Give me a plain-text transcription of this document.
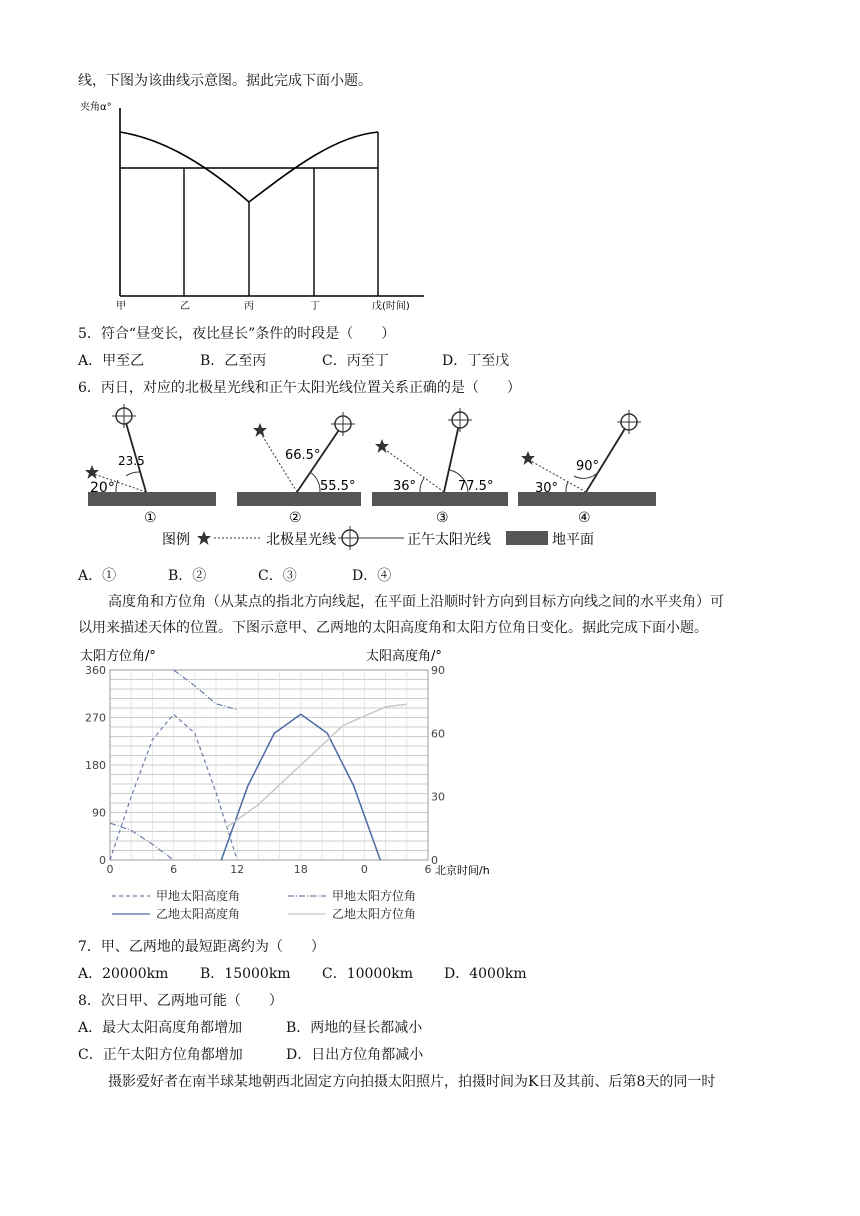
线，下图为该曲线示意图。据此完成下面小题。
夹角α°
甲	乙	丙	丁	戊(时间)
5．符合“昼变长，夜比昼长”条件的时段是（　　）
A．甲至乙	B．乙至丙	C．丙至丁	D．丁至戊
6．丙日，对应的北极星光线和正午太阳光线位置关系正确的是（　　）
23.5
20°
①
66.5°
55.5°
②
36°	77.5°
③
90°
30°
④
图例	北极星光线	正午太阳光线	地平面
A．①	B．②	C．③	D．④
高度角和方位角（从某点的指北方向线起，在平面上沿顺时针方向到目标方向线之间的水平夹角）可
以用来描述天体的位置。下图示意甲、乙两地的太阳高度角和太阳方位角日变化。据此完成下面小题。
太阳方位角/°	太阳高度角/°
0
90
180
270
360
0
30
60
90
0	6	12	18	0	6 北京时间/h
甲地太阳高度角	甲地太阳方位角
乙地太阳高度角	乙地太阳方位角
7．甲、乙两地的最短距离约为（　　）
A．20000km B．15000km C．10000km D．4000km
8．次日甲、乙两地可能（　　）
A．最大太阳高度角都增加	B．两地的昼长都减小
C．正午太阳方位角都增加	D．日出方位角都减小
摄影爱好者在南半球某地朝西北固定方向拍摄太阳照片，拍摄时间为K日及其前、后第8天的同一时
